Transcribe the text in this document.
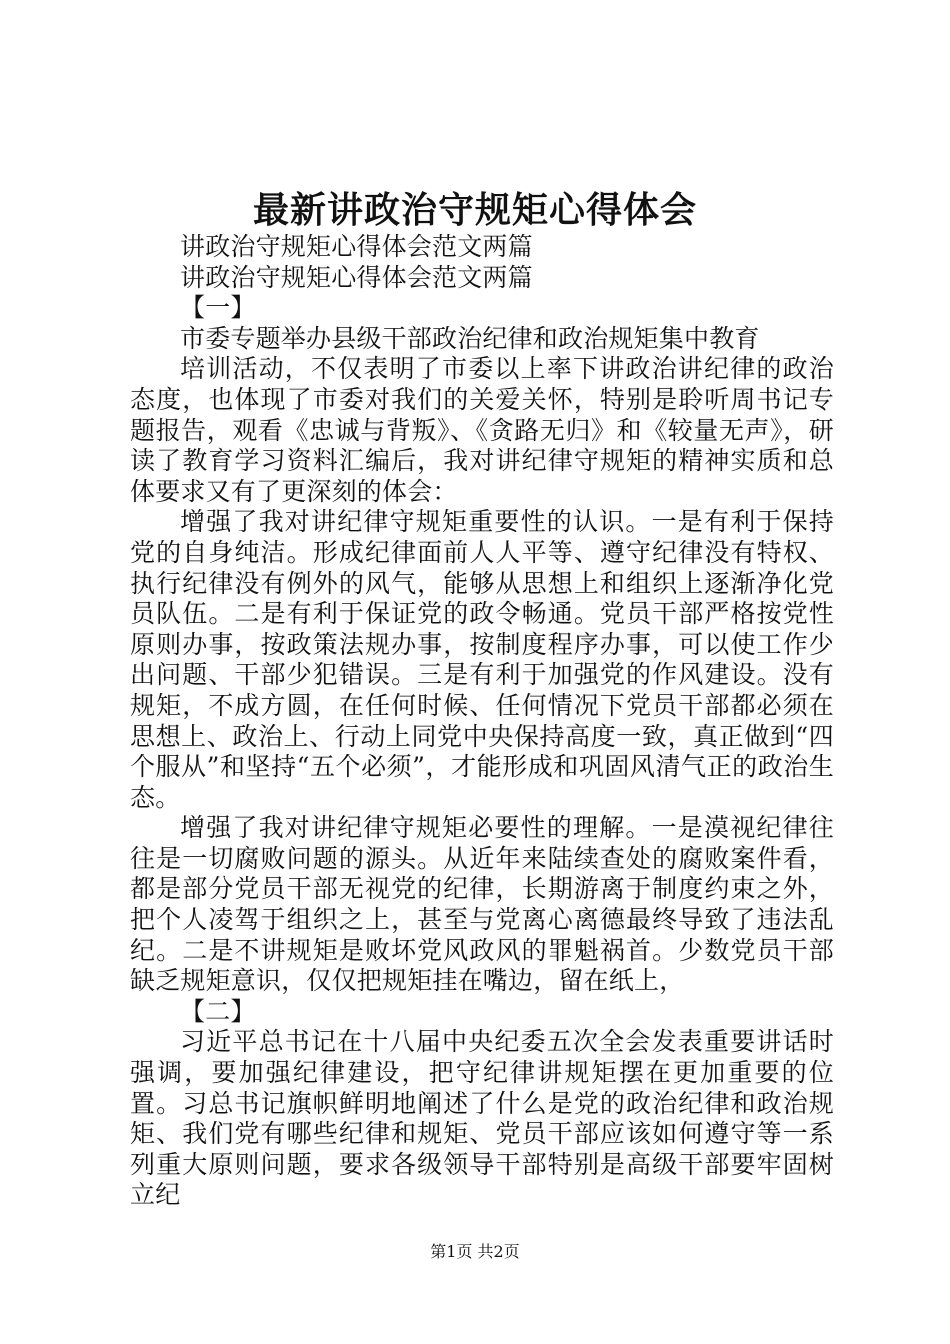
最新讲政治守规矩心得体会

讲政治守规矩心得体会范文两篇

讲政治守规矩心得体会范文两篇

【一】

市委专题举办县级干部政治纪律和政治规矩集中教育

培训活动，不仅表明了市委以上率下讲政治讲纪律的政治态度，也体现了市委对我们的关爱关怀，特别是聆听周书记专题报告，观看《忠诚与背叛》、《贪路无归》和《较量无声》，研读了教育学习资料汇编后，我对讲纪律守规矩的精神实质和总体要求又有了更深刻的体会：

增强了我对讲纪律守规矩重要性的认识。一是有利于保持党的自身纯洁。形成纪律面前人人平等、遵守纪律没有特权、执行纪律没有例外的风气，能够从思想上和组织上逐渐净化党员队伍。二是有利于保证党的政令畅通。党员干部严格按党性原则办事，按政策法规办事，按制度程序办事，可以使工作少出问题、干部少犯错误。三是有利于加强党的作风建设。没有规矩，不成方圆，在任何时候、任何情况下党员干部都必须在思想上、政治上、行动上同党中央保持高度一致，真正做到“四个服从”和坚持“五个必须”，才能形成和巩固风清气正的政治生态。

增强了我对讲纪律守规矩必要性的理解。一是漠视纪律往往是一切腐败问题的源头。从近年来陆续查处的腐败案件看，都是部分党员干部无视党的纪律，长期游离于制度约束之外，把个人凌驾于组织之上，甚至与党离心离德最终导致了违法乱纪。二是不讲规矩是败坏党风政风的罪魁祸首。少数党员干部缺乏规矩意识，仅仅把规矩挂在嘴边，留在纸上，

【二】

习近平总书记在十八届中央纪委五次全会发表重要讲话时强调，要加强纪律建设，把守纪律讲规矩摆在更加重要的位置。习总书记旗帜鲜明地阐述了什么是党的政治纪律和政治规矩、我们党有哪些纪律和规矩、党员干部应该如何遵守等一系列重大原则问题，要求各级领导干部特别是高级干部要牢固树立纪

第1页 共2页
